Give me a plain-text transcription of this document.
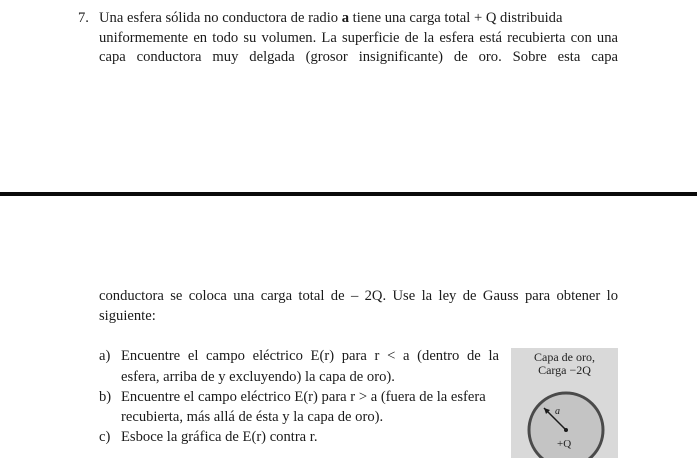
7. Una esfera sólida no conductora de radio a tiene una carga total + Q distribuida
uniformemente en todo su volumen. La superficie de la esfera está recubierta con una
capa conductora muy delgada (grosor insignificante) de oro. Sobre esta capa
conductora se coloca una carga total de – 2Q. Use la ley de Gauss para obtener lo
siguiente:
a) Encuentre el campo eléctrico E(r) para r < a (dentro de la
esfera, arriba de y excluyendo) la capa de oro).
b) Encuentre el campo eléctrico E(r) para r > a (fuera de la esfera
recubierta, más allá de ésta y la capa de oro).
c) Esboce la gráfica de E(r) contra r.
Capa de oro,
Carga −2Q
a
+Q
